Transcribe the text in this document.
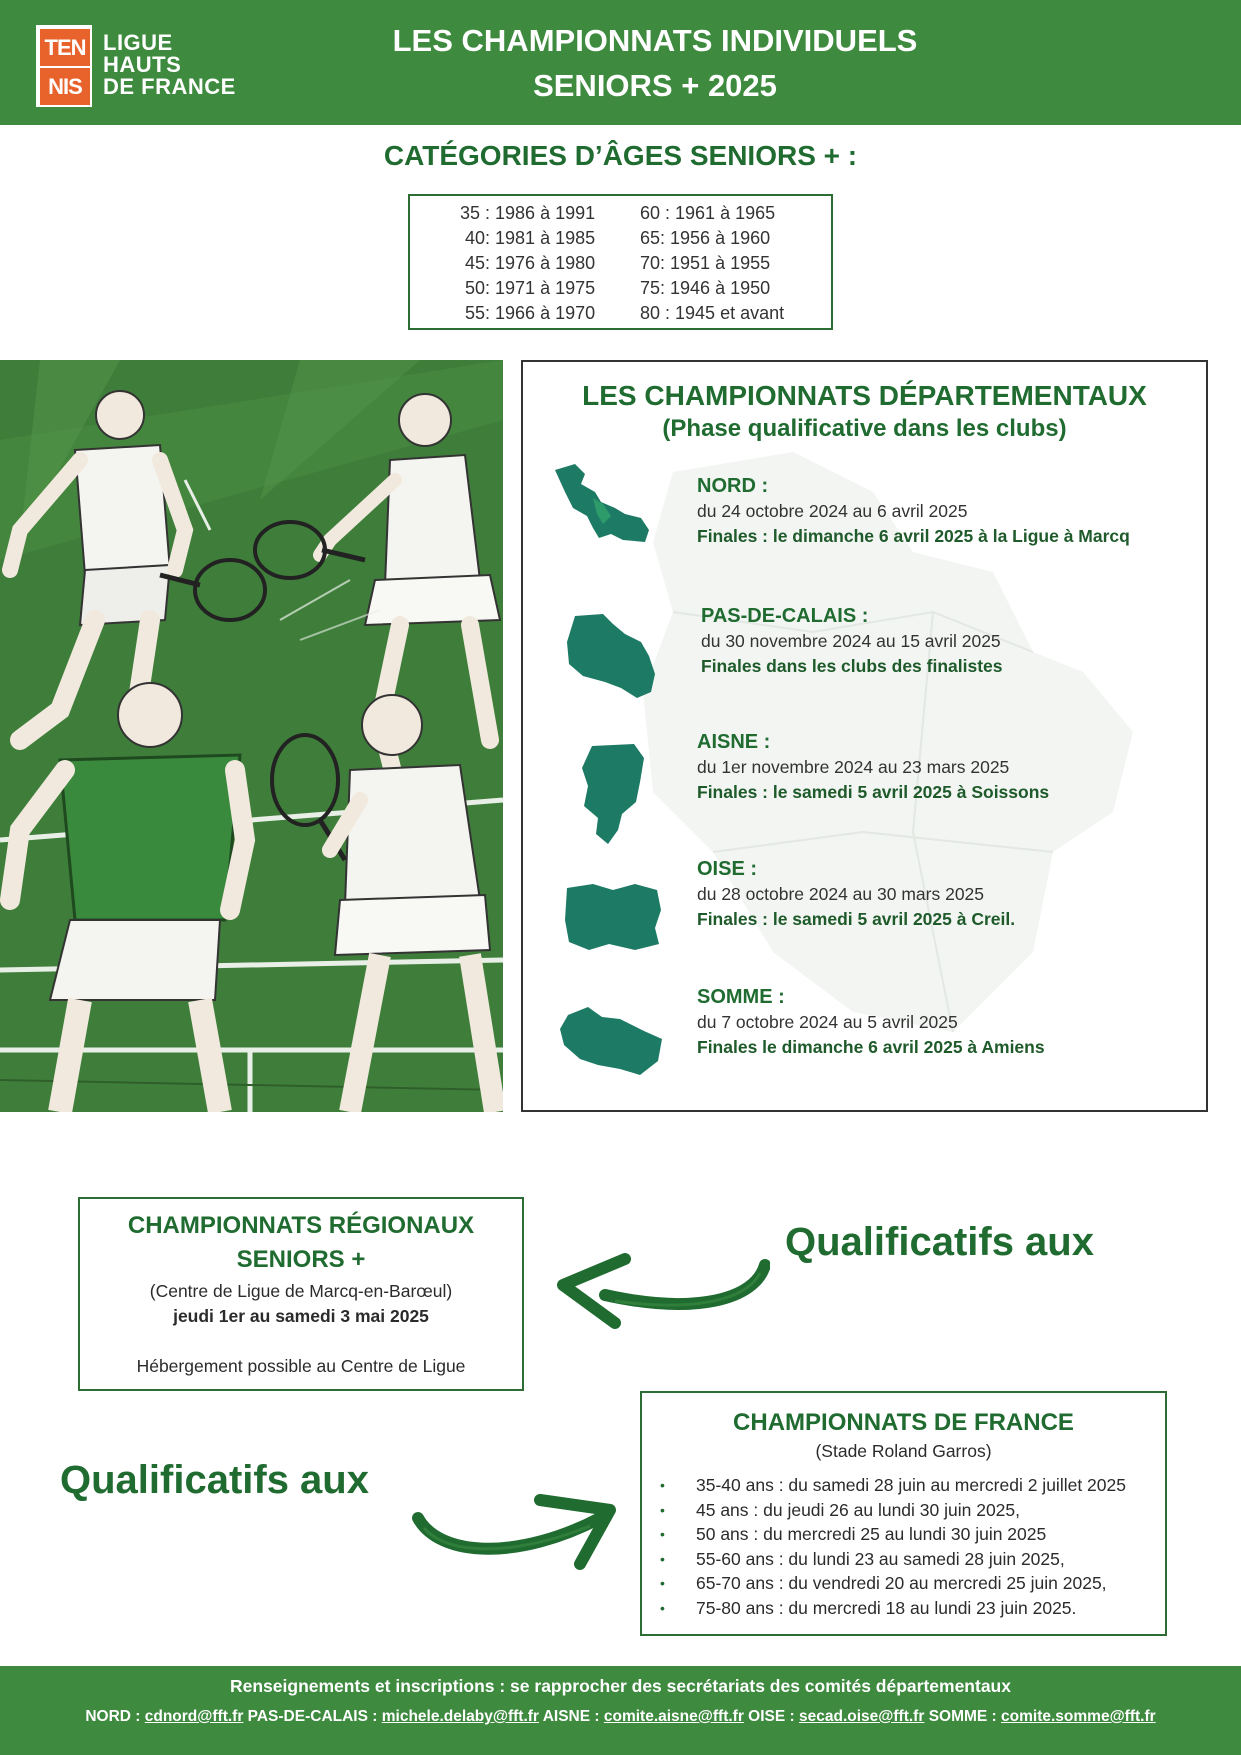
TEN
NIS
LIGUE
HAUTS
DE FRANCE
LES CHAMPIONNATS INDIVIDUELS
SENIORS + 2025
CATÉGORIES D’ÂGES SENIORS + :
35 : 1986 à 1991
40: 1981 à 1985
45: 1976 à 1980
50: 1971 à 1975
55: 1966 à 1970
60 : 1961 à 1965
65: 1956 à 1960
70: 1951 à 1955
75: 1946 à 1950
80 : 1945 et avant
NORD :
du 24 octobre 2024 au 6 avril 2025
Finales : le dimanche 6 avril 2025 à la Ligue à Marcq
PAS-DE-CALAIS :
du 30 novembre 2024 au 15 avril 2025
Finales dans les clubs des finalistes
AISNE :
du 1er novembre 2024 au 23 mars 2025
Finales : le samedi 5 avril 2025 à Soissons
OISE :
du 28 octobre 2024 au 30 mars 2025
Finales : le samedi 5 avril 2025 à Creil.
SOMME :
du 7 octobre 2024 au 5 avril 2025
Finales le dimanche 6 avril 2025 à Amiens
LES CHAMPIONNATS DÉPARTEMENTAUX
(Phase qualificative dans les clubs)
CHAMPIONNATS RÉGIONAUX
SENIORS +
(Centre de Ligue de Marcq-en-Barœul)
jeudi 1er au samedi 3 mai 2025
Hébergement possible au Centre de Ligue
Qualificatifs aux
Qualificatifs aux
CHAMPIONNATS DE FRANCE
(Stade Roland Garros)
• 35-40 ans : du samedi 28 juin au mercredi 2 juillet 2025
• 45 ans : du jeudi 26 au lundi 30 juin 2025,
• 50 ans : du mercredi 25 au lundi 30 juin 2025
• 55-60 ans : du lundi 23 au samedi 28 juin 2025,
• 65-70 ans : du vendredi 20 au mercredi 25 juin 2025,
• 75-80 ans : du mercredi 18 au lundi 23 juin 2025.
Renseignements et inscriptions : se rapprocher des secrétariats des comités départementaux
NORD : cdnord@fft.fr PAS-DE-CALAIS : michele.delaby@fft.fr AISNE : comite.aisne@fft.fr OISE : secad.oise@fft.fr SOMME : comite.somme@fft.fr
